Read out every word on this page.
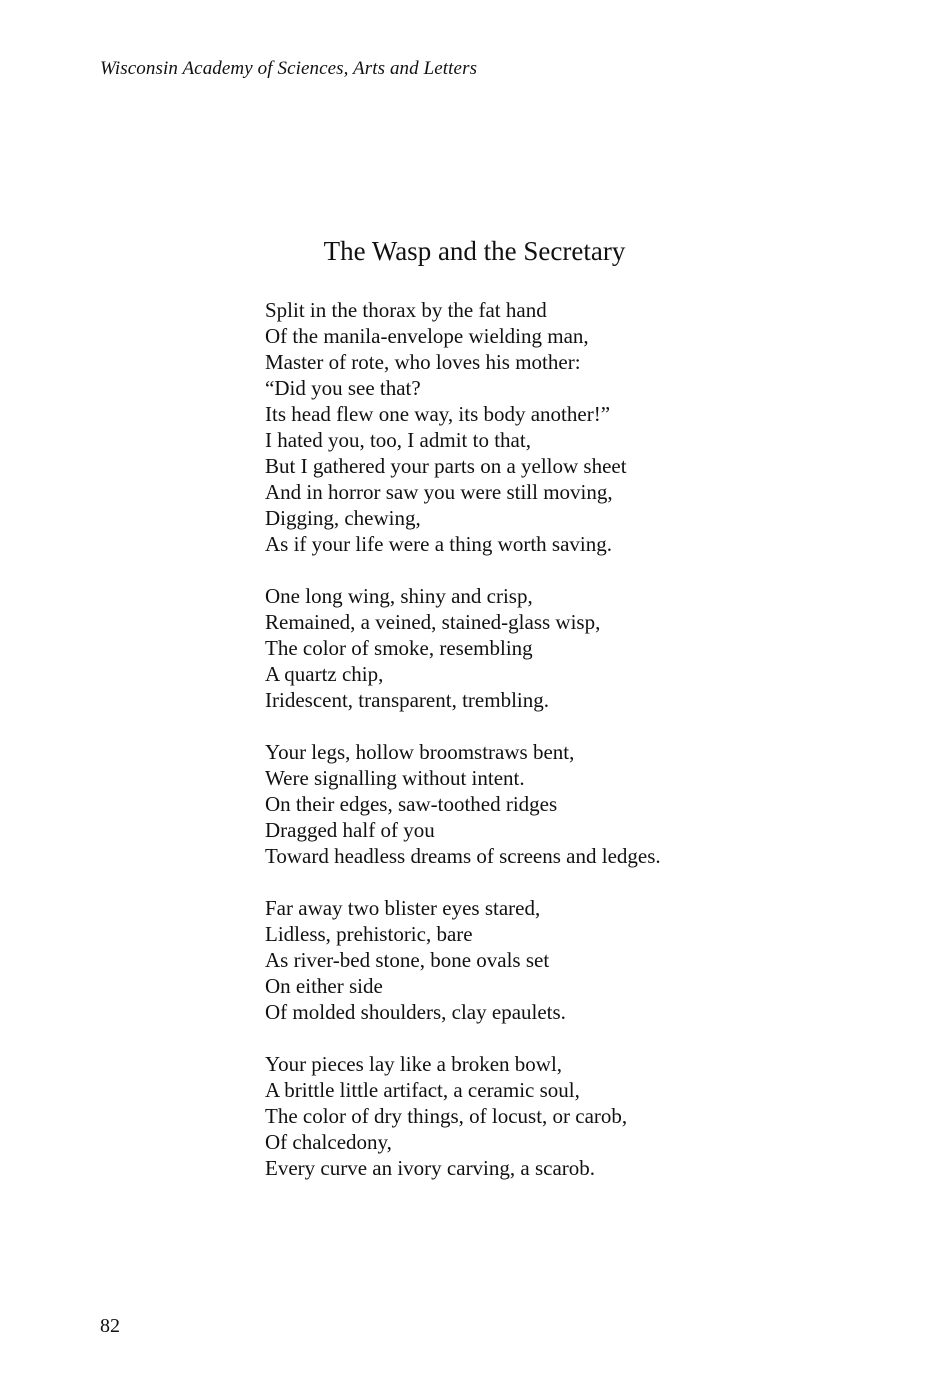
Wisconsin Academy of Sciences, Arts and Letters
The Wasp and the Secretary
Split in the thorax by the fat hand
Of the manila-envelope wielding man,
Master of rote, who loves his mother:
“Did you see that?
Its head flew one way, its body another!”
I hated you, too, I admit to that,
But I gathered your parts on a yellow sheet
And in horror saw you were still moving,
Digging, chewing,
As if your life were a thing worth saving.
One long wing, shiny and crisp,
Remained, a veined, stained-glass wisp,
The color of smoke, resembling
A quartz chip,
Iridescent, transparent, trembling.
Your legs, hollow broomstraws bent,
Were signalling without intent.
On their edges, saw-toothed ridges
Dragged half of you
Toward headless dreams of screens and ledges.
Far away two blister eyes stared,
Lidless, prehistoric, bare
As river-bed stone, bone ovals set
On either side
Of molded shoulders, clay epaulets.
Your pieces lay like a broken bowl,
A brittle little artifact, a ceramic soul,
The color of dry things, of locust, or carob,
Of chalcedony,
Every curve an ivory carving, a scarob.
82
